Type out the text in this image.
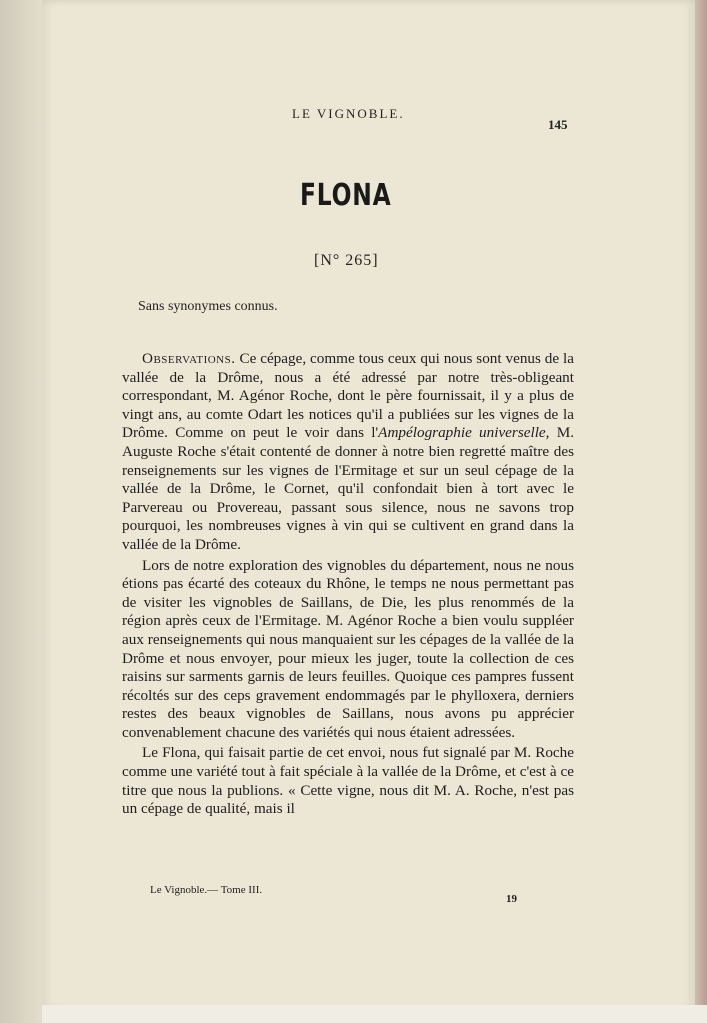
LE VIGNOBLE.
145
FLONA
[N° 265]
Sans synonymes connus.

Observations. Ce cépage, comme tous ceux qui nous sont venus de la vallée de la Drôme, nous a été adressé par notre très-obligeant correspondant, M. Agénor Roche, dont le père fournissait, il y a plus de vingt ans, au comte Odart les notices qu'il a publiées sur les vignes de la Drôme. Comme on peut le voir dans l'Ampélographie universelle, M. Auguste Roche s'était contenté de donner à notre bien regretté maître des renseignements sur les vignes de l'Ermitage et sur un seul cépage de la vallée de la Drôme, le Cornet, qu'il confondait bien à tort avec le Parvereau ou Provereau, passant sous silence, nous ne savons trop pourquoi, les nombreuses vignes à vin qui se cultivent en grand dans la vallée de la Drôme.

Lors de notre exploration des vignobles du département, nous ne nous étions pas écarté des coteaux du Rhône, le temps ne nous permettant pas de visiter les vignobles de Saillans, de Die, les plus renommés de la région après ceux de l'Ermitage. M. Agénor Roche a bien voulu suppléer aux renseignements qui nous manquaient sur les cépages de la vallée de la Drôme et nous envoyer, pour mieux les juger, toute la collection de ces raisins sur sarments garnis de leurs feuilles. Quoique ces pampres fussent récoltés sur des ceps gravement endommagés par le phylloxera, derniers restes des beaux vignobles de Saillans, nous avons pu apprécier convenablement chacune des variétés qui nous étaient adressées.

Le Flona, qui faisait partie de cet envoi, nous fut signalé par M. Roche comme une variété tout à fait spéciale à la vallée de la Drôme, et c'est à ce titre que nous la publions. « Cette vigne, nous dit M. A. Roche, n'est pas un cépage de qualité, mais il

Le Vignoble.— Tome III.
19
